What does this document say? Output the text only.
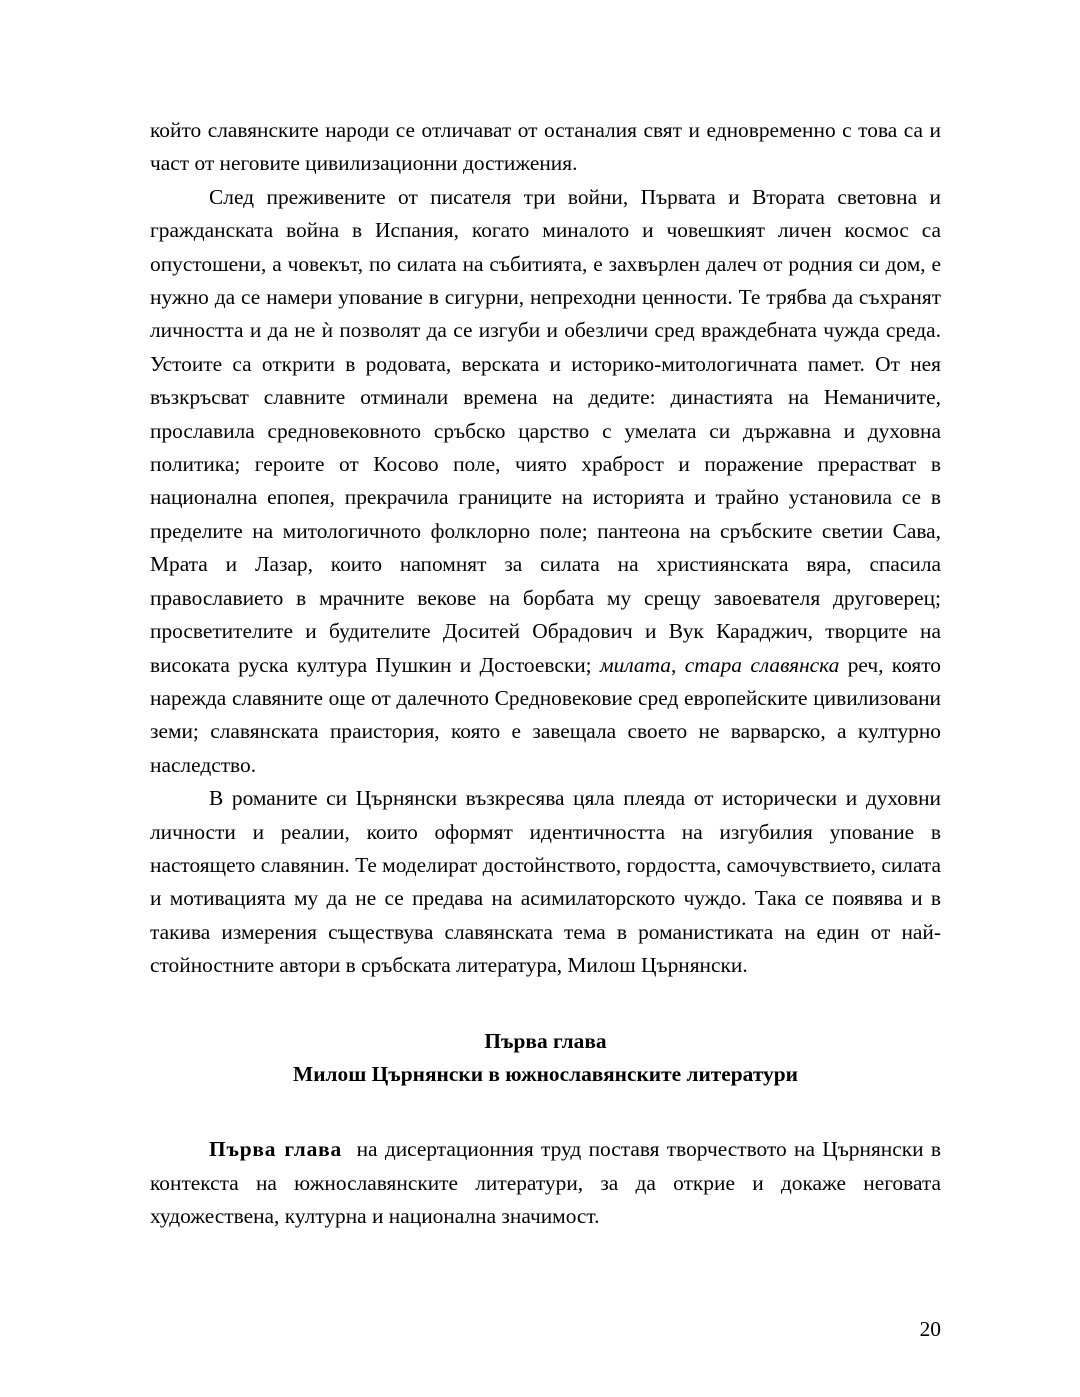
който славянските народи се отличават от останалия свят и едновременно с това са и част от неговите цивилизационни достижения.

След преживените от писателя три войни, Първата и Втората световна и гражданската война в Испания, когато миналото и човешкият личен космос са опустошени, а човекът, по силата на събитията, е захвърлен далеч от родния си дом, е нужно да се намери упование в сигурни, непреходни ценности. Те трябва да съхранят личността и да не ѝ позволят да се изгуби и обезличи сред враждебната чужда среда. Устоите са открити в родовата, верската и историко-митологичната памет. От нея възкръсват славните отминали времена на дедите: династията на Неманичите, прославила средновековното сръбско царство с умелата си държавна и духовна политика; героите от Косово поле, чиято храброст и поражение прерастват в национална епопея, прекрачила границите на историята и трайно установила се в пределите на митологичното фолклорно поле; пантеона на сръбските светии Сава, Мрата и Лазар, които напомнят за силата на християнската вяра, спасила православието в мрачните векове на борбата му срещу завоевателя друговерец; просветителите и будителите Доситей Обрадович и Вук Караджич, творците на високата руска култура Пушкин и Достоевски; милата, стара славянска реч, която нарежда славяните още от далечното Средновековие сред европейските цивилизовани земи; славянската праистория, която е завещала своето не варварско, а културно наследство.

В романите си Църнянски възкресява цяла плеяда от исторически и духовни личности и реалии, които оформят идентичността на изгубилия упование в настоящето славянин. Те моделират достойнството, гордостта, самочувствието, силата и мотивацията му да не се предава на асимилаторското чуждо. Така се появява и в такива измерения съществува славянската тема в романистиката на един от най-стойностните автори в сръбската литература, Милош Църнянски.

Първа глава

Милош Църнянски в южнославянските литератури

Първа глава  на дисертационния труд поставя творчеството на Църнянски в контекста на южнославянските литератури, за да открие и докаже неговата художествена, културна и национална значимост.

20
